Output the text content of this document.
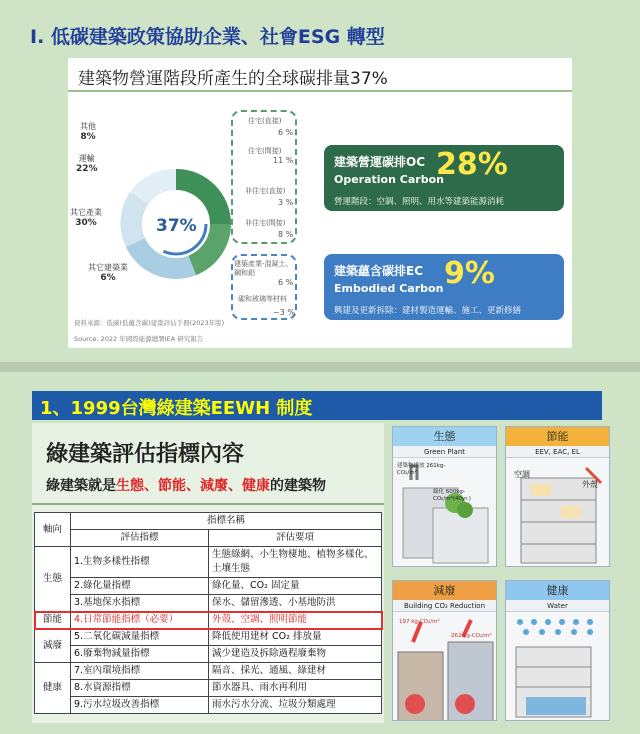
I. 低碳建築政策協助企業、社會ESG 轉型
建築物營運階段所產生的全球碳排量37%
37%
其他
8%
運輸
22%
其它產業
30%
其它建築業
6%
住宅(直接)
6 %
住宅(間接)
11 %
非住宅(直接)
3 %
非住宅(間接)
8 %
建築產業-混凝土、鋼和鋁
6 %
碳和玻璃等材料
~3 %
建築營運碳排OC
Operation Carbon
28%
營運階段：空調、照明、用水等建築能源消耗
建築蘊含碳排EC
Embodied Carbon 9%
興建及更新拆除：建材製造運輸、施工、更新修繕
資料來源：低碳(低蘊含碳)建築評估手冊(2023年版)
Source: 2022 年國際能源總署IEA 研究報告
1、1999台灣綠建築EEWH 制度
綠建築評估指標內容
綠建築就是生態、節能、減廢、健康的建築物
軸向	指標名稱	
	評估指標	評估要項
生態	1.生物多樣性指標	生態綠網、小生物棲地、植物多樣化、土壤生態
	2.綠化量指標	綠化量、CO₂ 固定量
	3.基地保水指標	保水、儲留滲透、小基地防洪
節能	4.日常節能指標（必要）	外殼、空調、照明節能
減廢	5.二氧化碳減量指標	降低使用建材 CO₂ 排放量
	6.廢棄物減量指標	減少建造及拆除過程廢棄物
健康	7.室內環境指標	隔音、採光、通風、綠建材
	8.水資源指標	節水器具、雨水再利用
	9.污水垃圾改善指標	雨水污水分流、垃圾分類處理
生態
Green Plant
建築物排放 261kg-CO₂/m²
綠化 600kg-CO₂/m²(40yr.)
節能
EEV, EAC, EL
空調
外殼
減廢
Building CO₂ Reduction
197 kg-CO₂/m²
262 kg-CO₂/m²
健康
Water
